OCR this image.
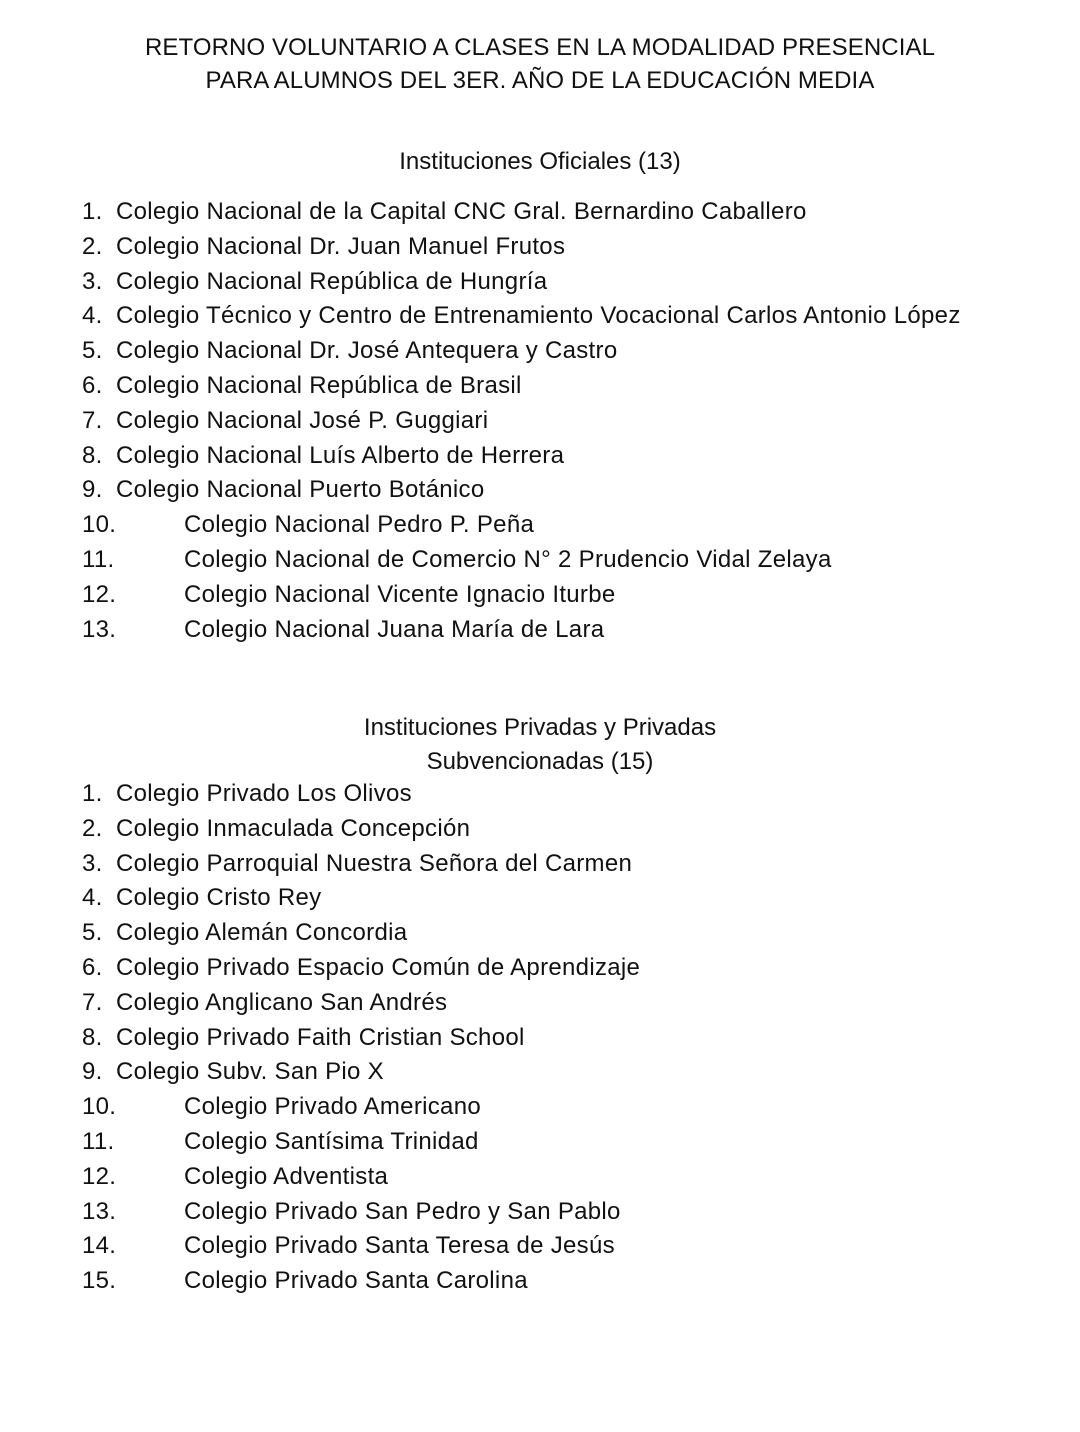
RETORNO VOLUNTARIO A CLASES EN LA MODALIDAD PRESENCIAL
PARA ALUMNOS DEL 3ER. AÑO DE LA EDUCACIÓN MEDIA
Instituciones Oficiales (13)
1. Colegio Nacional de la Capital CNC Gral. Bernardino Caballero
2. Colegio Nacional Dr. Juan Manuel Frutos
3. Colegio Nacional República de Hungría
4. Colegio Técnico y Centro de Entrenamiento Vocacional Carlos Antonio López
5. Colegio Nacional Dr. José Antequera y Castro
6. Colegio Nacional República de Brasil
7. Colegio Nacional José P. Guggiari
8. Colegio Nacional Luís Alberto de Herrera
9. Colegio Nacional Puerto Botánico
10.	Colegio Nacional Pedro P. Peña
11.	Colegio Nacional de Comercio N° 2 Prudencio Vidal Zelaya
12.	Colegio Nacional Vicente Ignacio Iturbe
13.	Colegio Nacional Juana María de Lara
Instituciones Privadas y Privadas
Subvencionadas (15)
1. Colegio Privado Los Olivos
2. Colegio Inmaculada Concepción
3. Colegio Parroquial Nuestra Señora del Carmen
4. Colegio Cristo Rey
5. Colegio Alemán Concordia
6. Colegio Privado Espacio Común de Aprendizaje
7. Colegio Anglicano San Andrés
8. Colegio Privado Faith Cristian School
9. Colegio Subv. San Pio X
10.	Colegio Privado Americano
11.	Colegio Santísima Trinidad
12.	Colegio Adventista
13.	Colegio Privado San Pedro y San Pablo
14.	Colegio Privado Santa Teresa de Jesús
15.	Colegio Privado Santa Carolina
